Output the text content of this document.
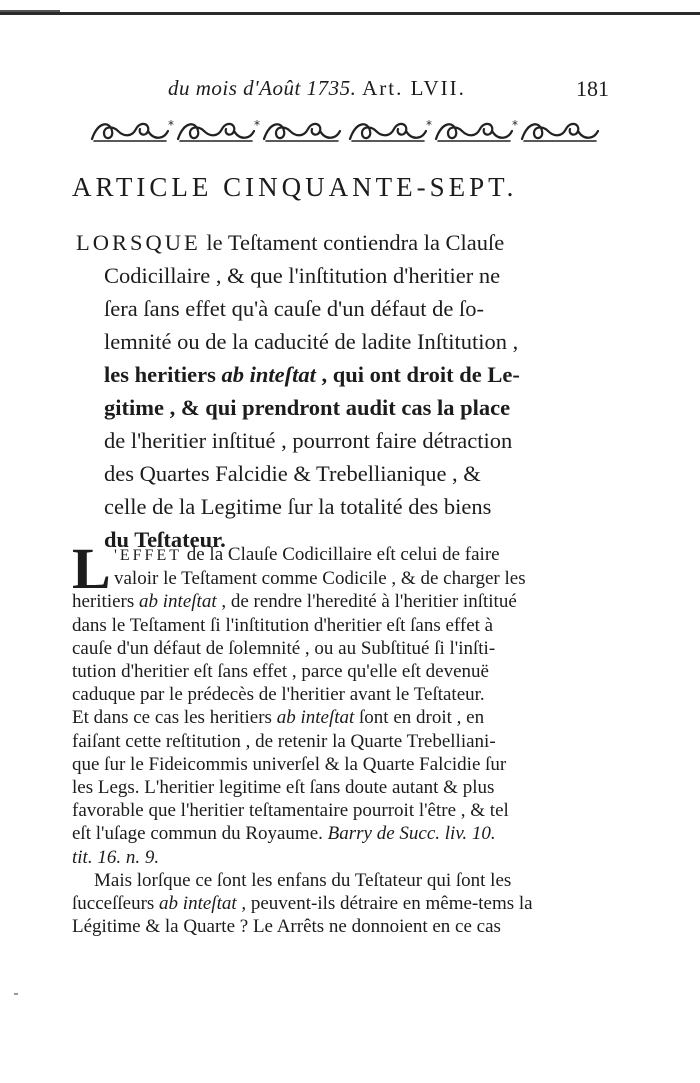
du mois d'Août 1735. Art. LVII.	181
*	*	*	*
ARTICLE CINQUANTE-SEPT.
LORSQUE le Teſtament contiendra la Clauſe
Codicillaire , & que l'inſtitution d'heritier ne
ſera ſans effet qu'à cauſe d'un défaut de ſo-
lemnité ou de la caducité de ladite Inſtitution ,
les heritiers ab inteſtat , qui ont droit de Le-
gitime , & qui prendront audit cas la place
de l'heritier inſtitué , pourront faire détraction
des Quartes Falcidie & Trebellianique , &
celle de la Legitime ſur la totalité des biens
du Teſtateur.
L 'EFFET de la Clauſe Codicillaire eſt celui de faire
valoir le Teſtament comme Codicile , & de charger les
heritiers ab inteſtat , de rendre l'heredité à l'heritier inſtitué
dans le Teſtament ſi l'inſtitution d'heritier eſt ſans effet à
cauſe d'un défaut de ſolemnité , ou au Subſtitué ſi l'inſti-
tution d'heritier eſt ſans effet , parce qu'elle eſt devenuë
caduque par le prédecès de l'heritier avant le Teſtateur.
Et dans ce cas les heritiers ab inteſtat ſont en droit , en
faiſant cette reſtitution , de retenir la Quarte Trebelliani-
que ſur le Fideicommis univerſel & la Quarte Falcidie ſur
les Legs. L'heritier legitime eſt ſans doute autant & plus
favorable que l'heritier teſtamentaire pourroit l'être , & tel
eſt l'uſage commun du Royaume. Barry de Succ. liv. 10.
tit. 16. n. 9.
Mais lorſque ce ſont les enfans du Teſtateur qui ſont les
ſucceſſeurs ab inteſtat , peuvent-ils détraire en même-tems la
Légitime & la Quarte ? Le Arrêts ne donnoient en ce cas
